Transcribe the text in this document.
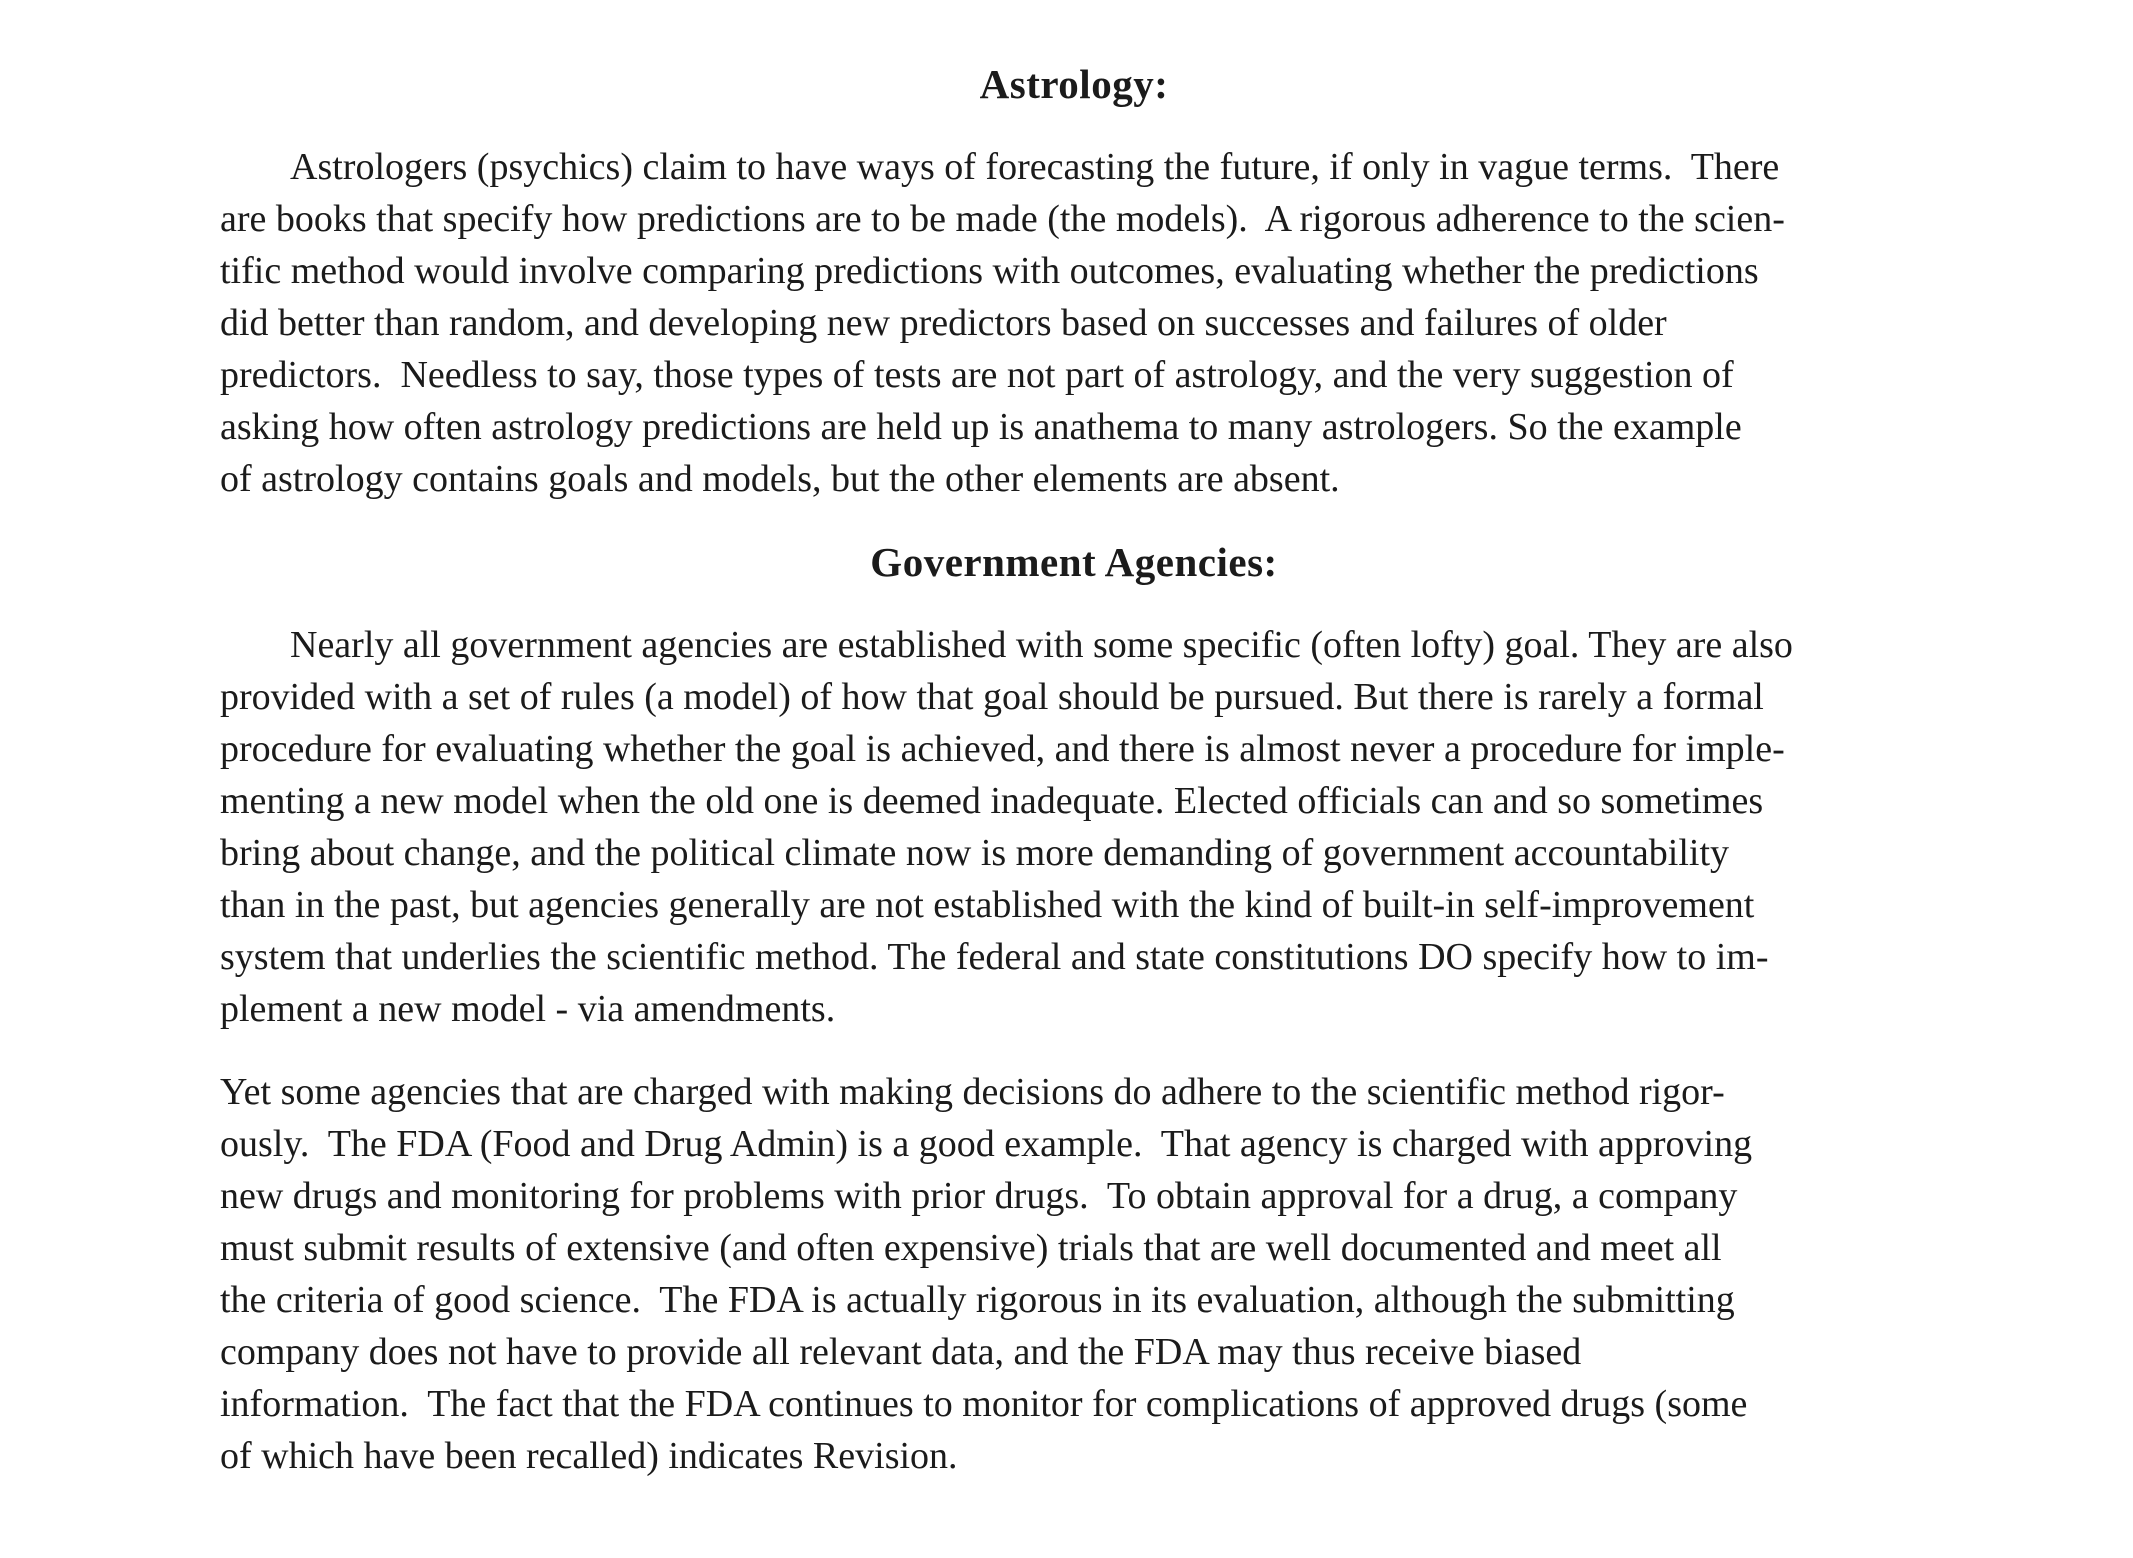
Astrology:
Astrologers (psychics) claim to have ways of forecasting the future, if only in vague terms.  There
are books that specify how predictions are to be made (the models).  A rigorous adherence to the scien-
tific method would involve comparing predictions with outcomes, evaluating whether the predictions
did better than random, and developing new predictors based on successes and failures of older
predictors.  Needless to say, those types of tests are not part of astrology, and the very suggestion of
asking how often astrology predictions are held up is anathema to many astrologers. So the example
of astrology contains goals and models, but the other elements are absent.
Government Agencies:
Nearly all government agencies are established with some specific (often lofty) goal. They are also
provided with a set of rules (a model) of how that goal should be pursued. But there is rarely a formal
procedure for evaluating whether the goal is achieved, and there is almost never a procedure for imple-
menting a new model when the old one is deemed inadequate. Elected officials can and so sometimes
bring about change, and the political climate now is more demanding of government accountability
than in the past, but agencies generally are not established with the kind of built-in self-improvement
system that underlies the scientific method. The federal and state constitutions DO specify how to im-
plement a new model - via amendments.
Yet some agencies that are charged with making decisions do adhere to the scientific method rigor-
ously.  The FDA (Food and Drug Admin) is a good example.  That agency is charged with approving
new drugs and monitoring for problems with prior drugs.  To obtain approval for a drug, a company
must submit results of extensive (and often expensive) trials that are well documented and meet all
the criteria of good science.  The FDA is actually rigorous in its evaluation, although the submitting
company does not have to provide all relevant data, and the FDA may thus receive biased
information.  The fact that the FDA continues to monitor for complications of approved drugs (some
of which have been recalled) indicates Revision.
